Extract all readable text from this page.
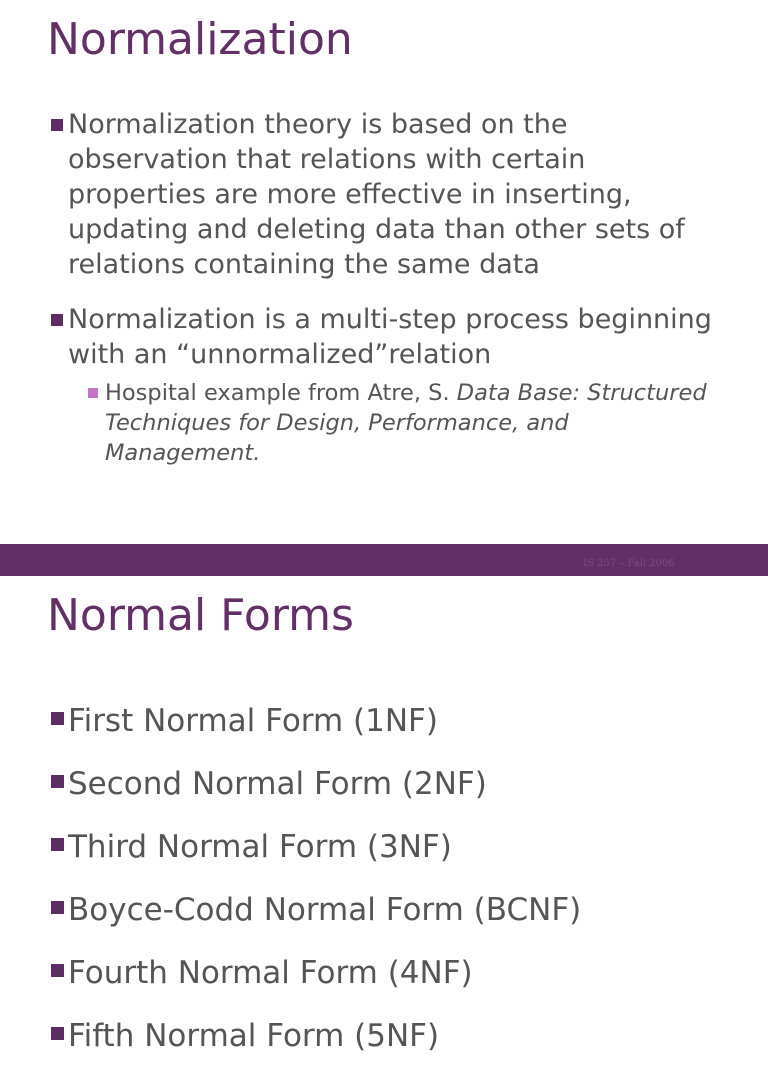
Normalization
Normalization theory is based on the observation that relations with certain properties are more effective in inserting, updating and deleting data than other sets of relations containing the same data
Normalization is a multi-step process beginning with an “unnormalized”relation
Hospital example from Atre, S. Data Base: Structured Techniques for Design, Performance, and Management.
IS 257 – Fall 2006
Normal Forms
First Normal Form (1NF)
Second Normal Form (2NF)
Third Normal Form (3NF)
Boyce-Codd Normal Form (BCNF)
Fourth Normal Form (4NF)
Fifth Normal Form (5NF)
